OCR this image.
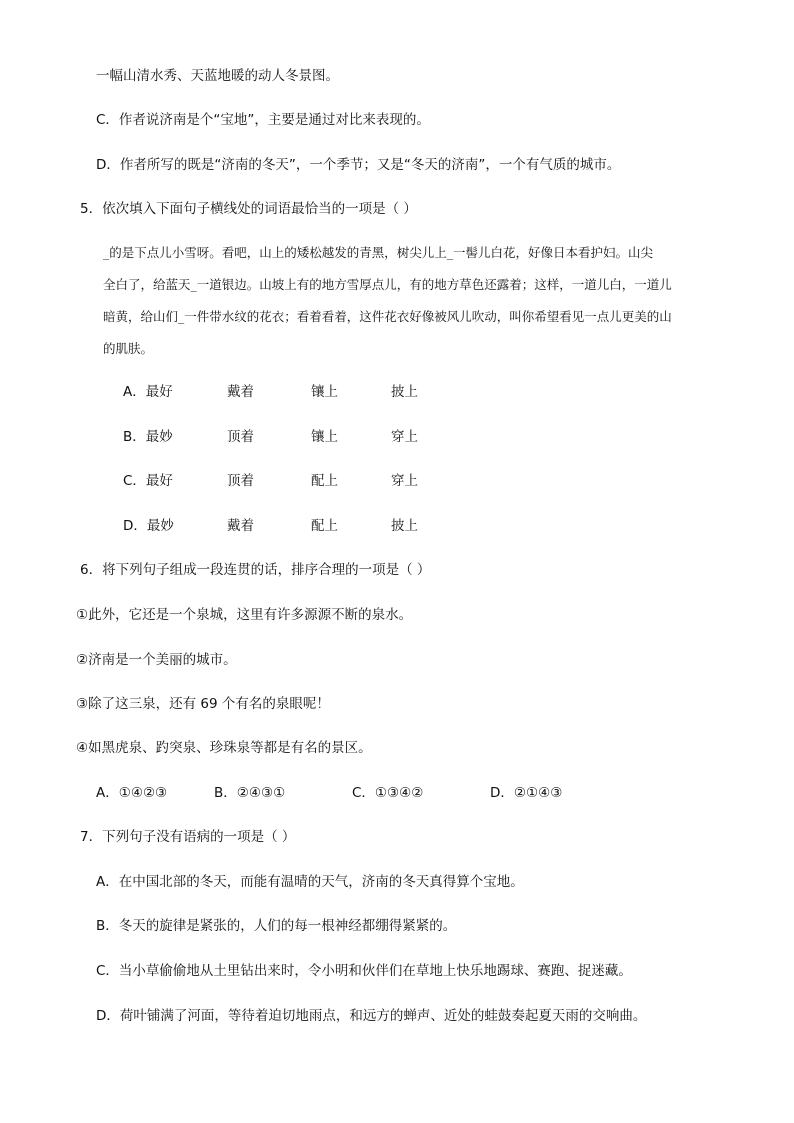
一幅山清水秀、天蓝地暖的动人冬景图。
C．作者说济南是个“宝地”，主要是通过对比来表现的。
D．作者所写的既是“济南的冬天”，一个季节；又是“冬天的济南”，一个有气质的城市。
5．依次填入下面句子横线处的词语最恰当的一项是（ ）
_的是下点儿小雪呀。看吧，山上的矮松越发的青黑，树尖儿上_一髻儿白花，好像日本看护妇。山尖
全白了，给蓝天_一道银边。山坡上有的地方雪厚点儿，有的地方草色还露着；这样，一道儿白，一道儿
暗黄，给山们_一件带水纹的花衣；看着看着，这件花衣好像被风儿吹动，叫你希望看见一点儿更美的山
的肌肤。
A．最好	戴着	镶上	披上
B．最妙	顶着	镶上	穿上
C．最好	顶着	配上	穿上
D．最妙	戴着	配上	披上
6．将下列句子组成一段连贯的话，排序合理的一项是（ ）
①此外，它还是一个泉城，这里有许多源源不断的泉水。
②济南是一个美丽的城市。
③除了这三泉，还有 69 个有名的泉眼呢！
④如黑虎泉、趵突泉、珍珠泉等都是有名的景区。
A．①④②③	B．②④③①	C．①③④②	D．②①④③
7．下列句子没有语病的一项是（ ）
A．在中国北部的冬天，而能有温晴的天气，济南的冬天真得算个宝地。
B．冬天的旋律是紧张的，人们的每一根神经都绷得紧紧的。
C．当小草偷偷地从土里钻出来时，令小明和伙伴们在草地上快乐地踢球、赛跑、捉迷藏。
D．荷叶铺满了河面，等待着迫切地雨点，和远方的蝉声、近处的蛙鼓奏起夏天雨的交响曲。
